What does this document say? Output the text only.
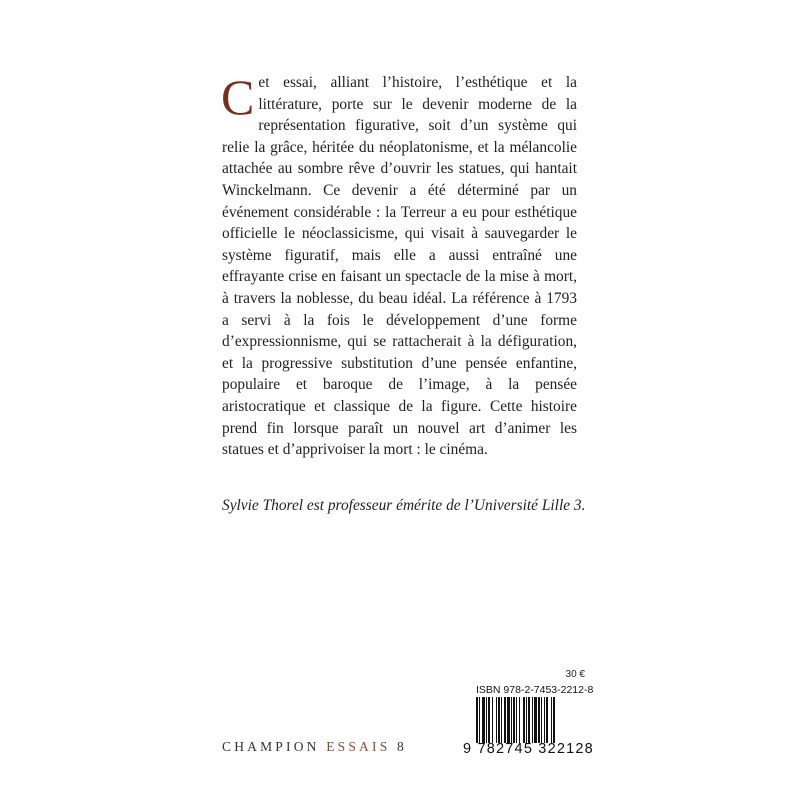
Cet essai, alliant l’histoire, l’esthétique et la littérature, porte sur le devenir moderne de la représentation figurative, soit d’un système qui relie la grâce, héritée du néoplatonisme, et la mélancolie attachée au sombre rêve d’ouvrir les statues, qui hantait Winckelmann. Ce devenir a été déterminé par un événement considérable : la Terreur a eu pour esthétique officielle le néoclassicisme, qui visait à sauvegarder le système figuratif, mais elle a aussi entraîné une effrayante crise en faisant un spectacle de la mise à mort, à travers la noblesse, du beau idéal. La référence à 1793 a servi à la fois le développement d’une forme d’expressionnisme, qui se rattacherait à la défiguration, et la progressive substitution d’une pensée enfantine, populaire et baroque de l’image, à la pensée aristocratique et classique de la figure. Cette histoire prend fin lorsque paraît un nouvel art d’animer les statues et d’apprivoiser la mort : le cinéma.
Sylvie Thorel est professeur émérite de l’Université Lille 3.
CHAMPION ESSAIS 8
30 €
ISBN 978-2-7453-2212-8
9 782745 322128
